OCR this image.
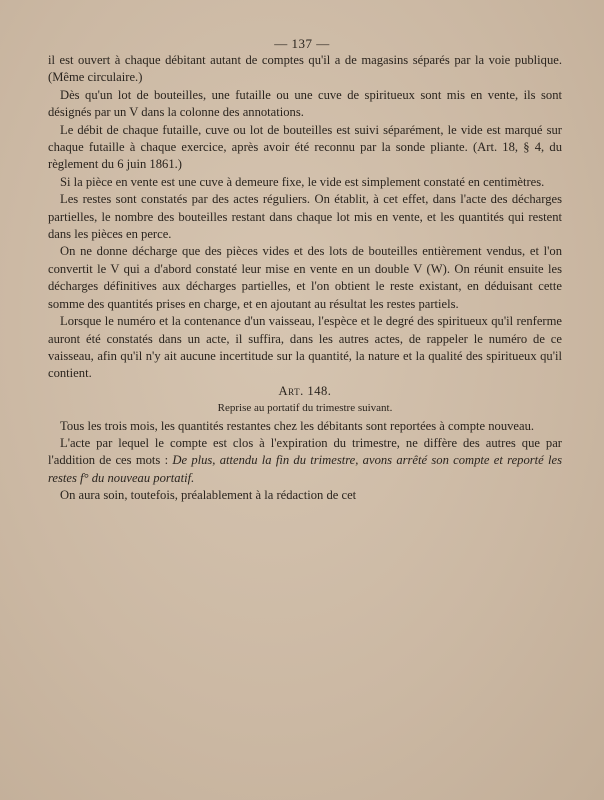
— 137 —

il est ouvert à chaque débitant autant de comptes qu'il a de magasins séparés par la voie publique. (Même circulaire.)

Dès qu'un lot de bouteilles, une futaille ou une cuve de spiritueux sont mis en vente, ils sont désignés par un V dans la colonne des annotations.

Le débit de chaque futaille, cuve ou lot de bouteilles est suivi séparément, le vide est marqué sur chaque futaille à chaque exercice, après avoir été reconnu par la sonde pliante. (Art. 18, § 4, du règlement du 6 juin 1861.)

Si la pièce en vente est une cuve à demeure fixe, le vide est simplement constaté en centimètres.

Les restes sont constatés par des actes réguliers. On établit, à cet effet, dans l'acte des décharges partielles, le nombre des bouteilles restant dans chaque lot mis en vente, et les quantités qui restent dans les pièces en perce.

On ne donne décharge que des pièces vides et des lots de bouteilles entièrement vendus, et l'on convertit le V qui a d'abord constaté leur mise en vente en un double V (W). On réunit ensuite les décharges définitives aux décharges partielles, et l'on obtient le reste existant, en déduisant cette somme des quantités prises en charge, et en ajoutant au résultat les restes partiels.

Lorsque le numéro et la contenance d'un vaisseau, l'espèce et le degré des spiritueux qu'il renferme auront été constatés dans un acte, il suffira, dans les autres actes, de rappeler le numéro de ce vaisseau, afin qu'il n'y ait aucune incertitude sur la quantité, la nature et la qualité des spiritueux qu'il contient.

Art. 148.

Reprise au portatif du trimestre suivant.

Tous les trois mois, les quantités restantes chez les débitants sont reportées à compte nouveau.

L'acte par lequel le compte est clos à l'expiration du trimestre, ne diffère des autres que par l'addition de ces mots : De plus, attendu la fin du trimestre, avons arrêté son compte et reporté les restes f° du nouveau portatif.

On aura soin, toutefois, préalablement à la rédaction de cet
